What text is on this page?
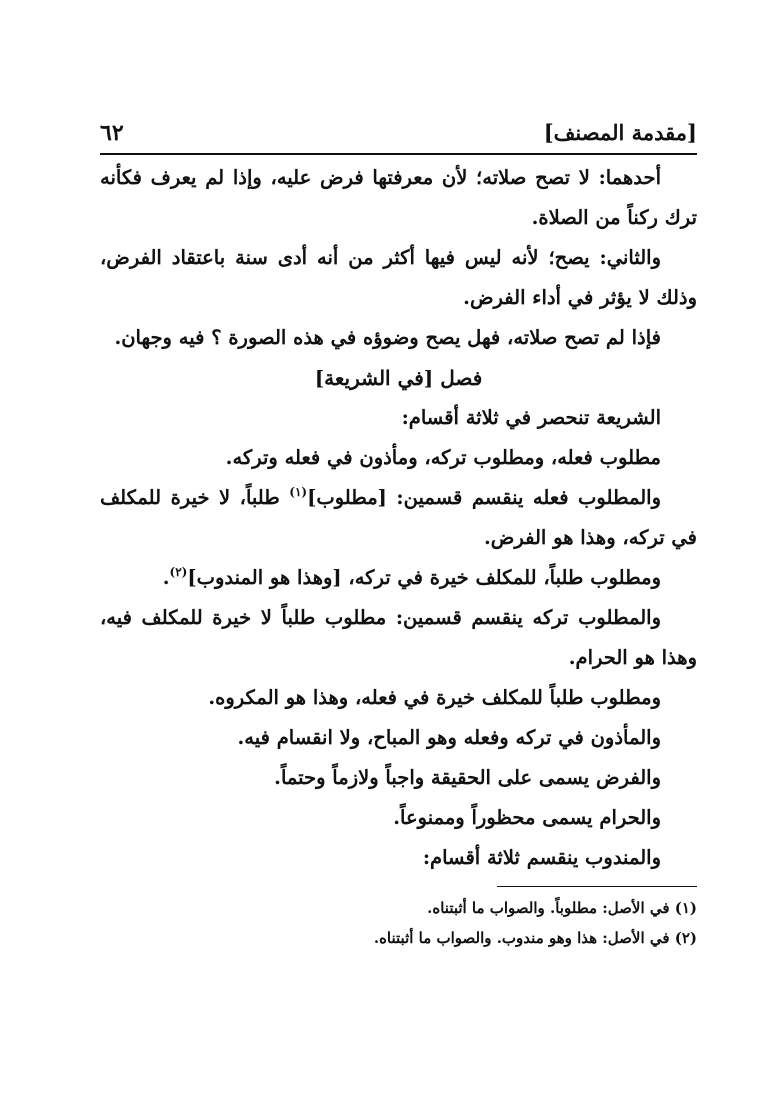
[مقدمة المصنف]
٦٢

أحدهما: لا تصح صلاته؛ لأن معرفتها فرض عليه، وإذا لم يعرف فكأنه ترك ركناً من الصلاة.

والثاني: يصح؛ لأنه ليس فيها أكثر من أنه أدى سنة باعتقاد الفرض، وذلك لا يؤثر في أداء الفرض.

فإذا لم تصح صلاته، فهل يصح وضوؤه في هذه الصورة ؟ فيه وجهان.

فصل [في الشريعة]

الشريعة تنحصر في ثلاثة أقسام:

مطلوب فعله، ومطلوب تركه، ومأذون في فعله وتركه.

والمطلوب فعله ينقسم قسمين: [مطلوب]$^{(١)}$ طلباً، لا خيرة للمكلف في تركه، وهذا هو الفرض.

ومطلوب طلباً، للمكلف خيرة في تركه، [وهذا هو المندوب]$^{(٢)}$.

والمطلوب تركه ينقسم قسمين: مطلوب طلباً لا خيرة للمكلف فيه، وهذا هو الحرام.

ومطلوب طلباً للمكلف خيرة في فعله، وهذا هو المكروه.

والمأذون في تركه وفعله وهو المباح، ولا انقسام فيه.

والفرض يسمى على الحقيقة واجباً ولازماً وحتماً.

والحرام يسمى محظوراً وممنوعاً.

والمندوب ينقسم ثلاثة أقسام:

(١) في الأصل: مطلوباً. والصواب ما أثبتناه.

(٢) في الأصل: هذا وهو مندوب. والصواب ما أثبتناه.
